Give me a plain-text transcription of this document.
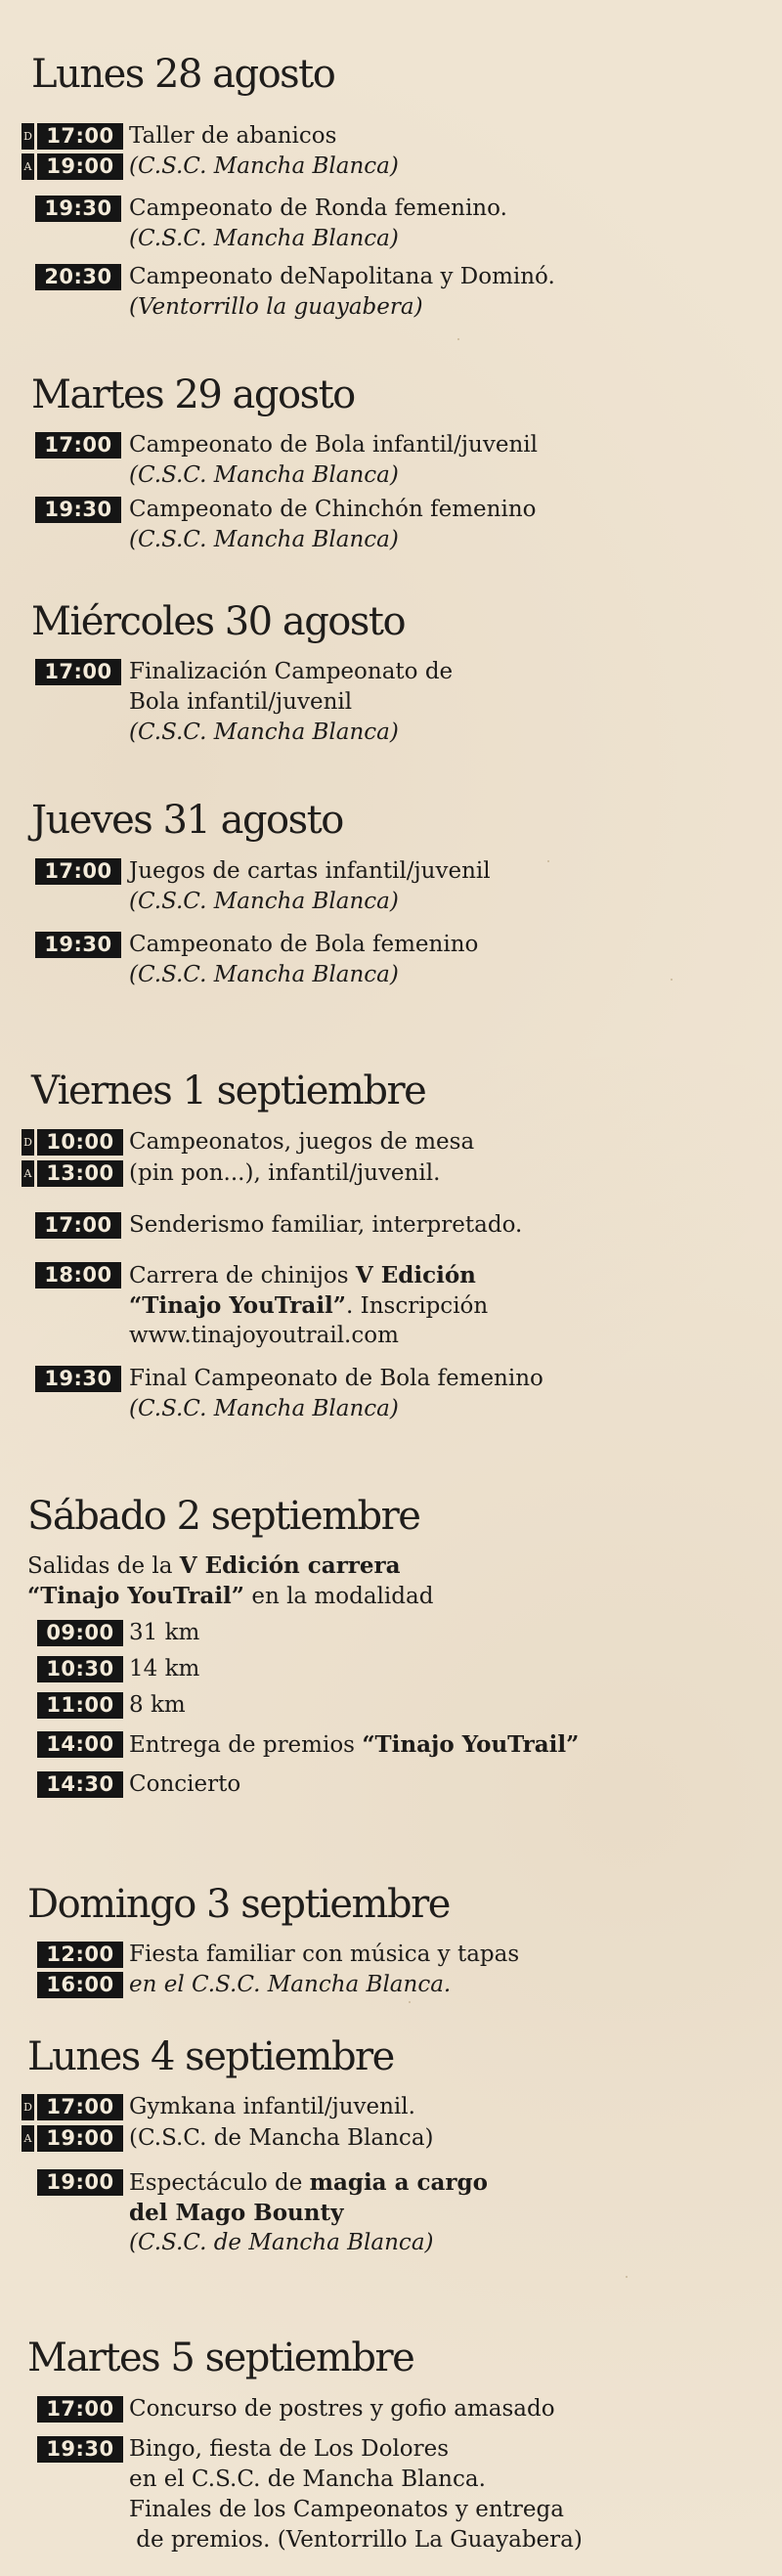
Lunes 28 agosto
D 17:00 Taller de abanicos
A 19:00 (C.S.C. Mancha Blanca)
19:30 Campeonato de Ronda femenino.
(C.S.C. Mancha Blanca)
20:30 Campeonato deNapolitana y Dominó.
(Ventorrillo la guayabera)
Martes 29 agosto
17:00 Campeonato de Bola infantil/juvenil
(C.S.C. Mancha Blanca)
19:30 Campeonato de Chinchón femenino
(C.S.C. Mancha Blanca)
Miércoles 30 agosto
17:00 Finalización Campeonato de
Bola infantil/juvenil
(C.S.C. Mancha Blanca)
Jueves 31 agosto
17:00 Juegos de cartas infantil/juvenil
(C.S.C. Mancha Blanca)
19:30 Campeonato de Bola femenino
(C.S.C. Mancha Blanca)
Viernes 1 septiembre
D 10:00 Campeonatos, juegos de mesa
A 13:00 (pin pon...), infantil/juvenil.
17:00 Senderismo familiar, interpretado.
18:00 Carrera de chinijos V Edición
“Tinajo YouTrail”. Inscripción
www.tinajoyoutrail.com
19:30 Final Campeonato de Bola femenino
(C.S.C. Mancha Blanca)
Sábado 2 septiembre
Salidas de la V Edición carrera
“Tinajo YouTrail” en la modalidad
09:00 31 km
10:30 14 km
11:00 8 km
14:00 Entrega de premios “Tinajo YouTrail”
14:30 Concierto
Domingo 3 septiembre
12:00 Fiesta familiar con música y tapas
16:00 en el C.S.C. Mancha Blanca.
Lunes 4 septiembre
D 17:00 Gymkana infantil/juvenil.
A 19:00 (C.S.C. de Mancha Blanca)
19:00 Espectáculo de magia a cargo
del Mago Bounty
(C.S.C. de Mancha Blanca)
Martes 5 septiembre
17:00 Concurso de postres y gofio amasado
19:30 Bingo, fiesta de Los Dolores
en el C.S.C. de Mancha Blanca.
Finales de los Campeonatos y entrega
de premios. (Ventorrillo La Guayabera)
